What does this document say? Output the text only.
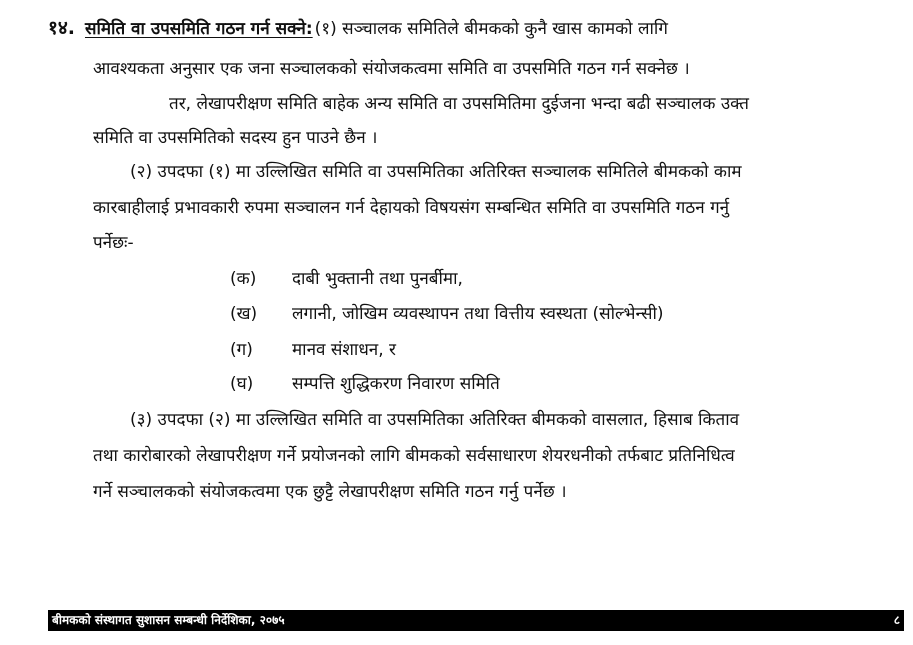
१४. समिति वा उपसमिति गठन गर्न सक्ने: (१) सञ्चालक समितिले बीमकको कुनै खास कामको लागि
आवश्यकता अनुसार एक जना सञ्चालकको संयोजकत्वमा समिति वा उपसमिति गठन गर्न सक्नेछ ।
तर, लेखापरीक्षण समिति बाहेक अन्य समिति वा उपसमितिमा दुईजना भन्दा बढी सञ्चालक उक्त
समिति वा उपसमितिको सदस्य हुन पाउने छैन ।
(२) उपदफा (१) मा उल्लिखित समिति वा उपसमितिका अतिरिक्त सञ्चालक समितिले बीमकको काम
कारबाहीलाई प्रभावकारी रुपमा सञ्चालन गर्न देहायको विषयसंग सम्बन्धित समिति वा उपसमिति गठन गर्नु
पर्नेछः-
(क) दाबी भुक्तानी तथा पुनर्बीमा,
(ख) लगानी, जोखिम व्यवस्थापन तथा वित्तीय स्वस्थता (सोल्भेन्सी)
(ग) मानव संशाधन, र
(घ) सम्पत्ति शुद्धिकरण निवारण समिति
(३) उपदफा (२) मा उल्लिखित समिति वा उपसमितिका अतिरिक्त बीमकको वासलात, हिसाब किताव
तथा कारोबारको लेखापरीक्षण गर्ने प्रयोजनको लागि बीमकको सर्वसाधारण शेयरधनीको तर्फबाट प्रतिनिधित्व
गर्ने सञ्चालकको संयोजकत्वमा एक छुट्टै लेखापरीक्षण समिति गठन गर्नु पर्नेछ ।
बीमकको संस्थागत सुशासन सम्बन्धी निर्देशिका, २०७५	८
